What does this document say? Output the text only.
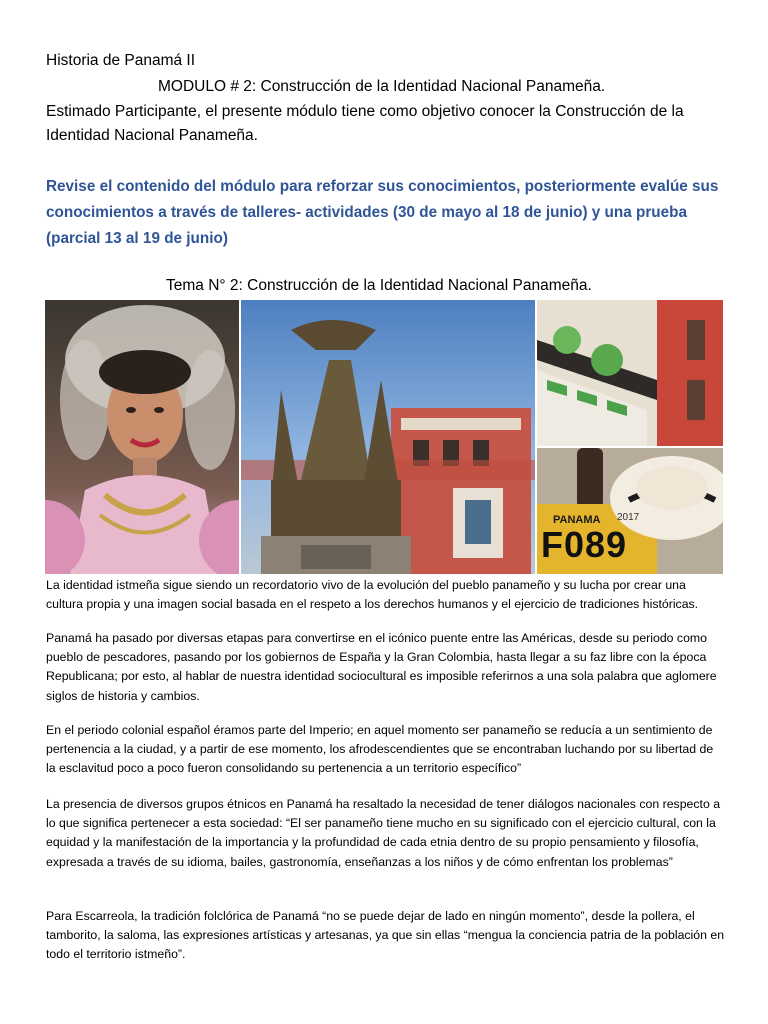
Historia de Panamá II
MODULO # 2: Construcción de la Identidad Nacional Panameña.
Estimado Participante, el presente módulo tiene como objetivo conocer la Construcción de la Identidad Nacional Panameña.
Revise el contenido del módulo para reforzar sus conocimientos, posteriormente evalúe sus conocimientos a través de talleres- actividades (30 de mayo al 18 de junio) y una prueba (parcial 13 al 19 de junio)
Tema N° 2: Construcción de la Identidad Nacional Panameña.
PANAMA
F089
2017

La identidad istmeña sigue siendo un recordatorio vivo de la evolución del pueblo panameño y su lucha por crear una cultura propia y una imagen social basada en el respeto a los derechos humanos y el ejercicio de tradiciones históricas.

Panamá ha pasado por diversas etapas para convertirse en el icónico puente entre las Américas, desde su periodo como pueblo de pescadores, pasando por los gobiernos de España y la Gran Colombia, hasta llegar a su faz libre con la época Republicana; por esto, al hablar de nuestra identidad sociocultural es imposible referirnos a una sola palabra que aglomere siglos de historia y cambios.

En el periodo colonial español éramos parte del Imperio; en aquel momento ser panameño se reducía a un sentimiento de pertenencia a la ciudad, y a partir de ese momento, los afrodescendientes que se encontraban luchando por su libertad de la esclavitud poco a poco fueron consolidando su pertenencia a un territorio específico”

La presencia de diversos grupos étnicos en Panamá ha resaltado la necesidad de tener diálogos nacionales con respecto a lo que significa pertenecer a esta sociedad: “El ser panameño tiene mucho en su significado con el ejercicio cultural, con la equidad y la manifestación de la importancia y la profundidad de cada etnia dentro de su propio pensamiento y filosofía, expresada a través de su idioma, bailes, gastronomía, enseñanzas a los niños y de cómo enfrentan los problemas”

Para Escarreola, la tradición folclórica de Panamá “no se puede dejar de lado en ningún momento”, desde la pollera, el tamborito, la saloma, las expresiones artísticas y artesanas, ya que sin ellas “mengua la conciencia patria de la población en todo el territorio istmeño”.
